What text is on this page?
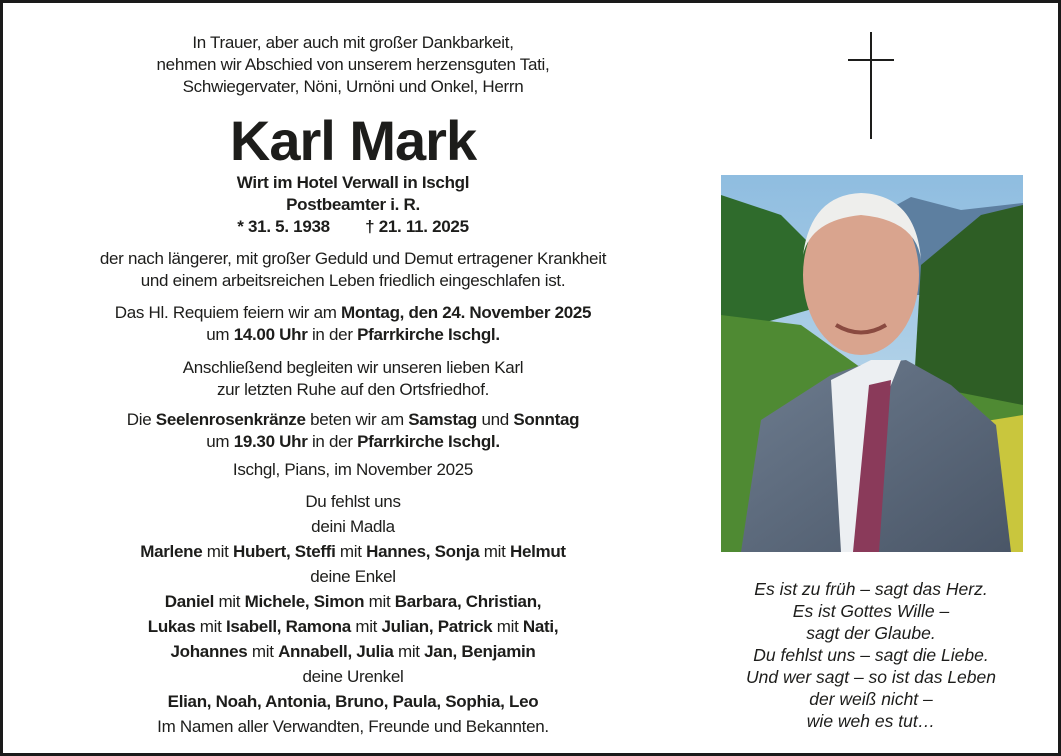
In Trauer, aber auch mit großer Dankbarkeit,
nehmen wir Abschied von unserem herzensguten Tati,
Schwiegervater, Nöni, Urnöni und Onkel, Herrn
Karl Mark
Wirt im Hotel Verwall in Ischgl
Postbeamter i. R.
* 31. 5. 1938        † 21. 11. 2025
der nach längerer, mit großer Geduld und Demut ertragener Krankheit
und einem arbeitsreichen Leben friedlich eingeschlafen ist.
Das Hl. Requiem feiern wir am Montag, den 24. November 2025
um 14.00 Uhr in der Pfarrkirche Ischgl.
Anschließend begleiten wir unseren lieben Karl
zur letzten Ruhe auf den Ortsfriedhof.
Die Seelenrosenkränze beten wir am Samstag und Sonntag
um 19.30 Uhr in der Pfarrkirche Ischgl.
Ischgl, Pians, im November 2025
Du fehlst uns
deini Madla
Marlene mit Hubert, Steffi mit Hannes, Sonja mit Helmut
deine Enkel
Daniel mit Michele, Simon mit Barbara, Christian,
Lukas mit Isabell, Ramona mit Julian, Patrick mit Nati,
Johannes mit Annabell, Julia mit Jan, Benjamin
deine Urenkel
Elian, Noah, Antonia, Bruno, Paula, Sophia, Leo
Im Namen aller Verwandten, Freunde und Bekannten.
Es ist zu früh – sagt das Herz.
Es ist Gottes Wille –
sagt der Glaube.
Du fehlst uns – sagt die Liebe.
Und wer sagt – so ist das Leben
der weiß nicht –
wie weh es tut…
